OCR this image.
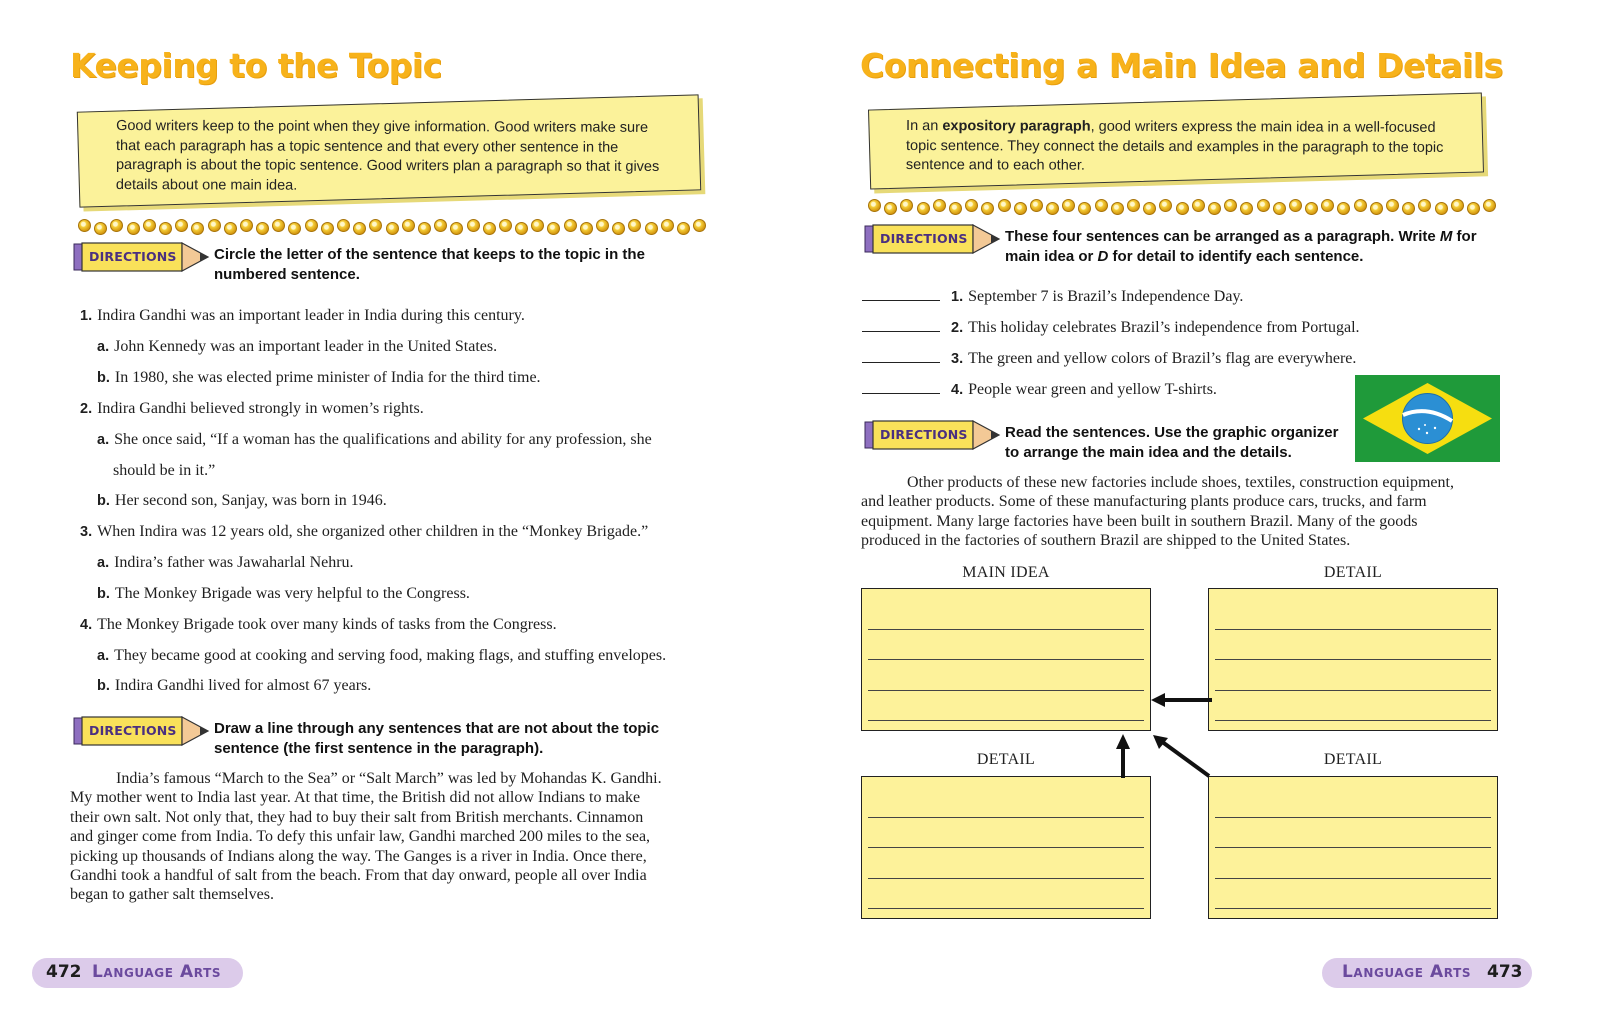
Keeping to the Topic
Good writers keep to the point when they give information. Good writers make sure that each paragraph has a topic sentence and that every other sentence in the paragraph is about the topic sentence. Good writers plan a paragraph so that it gives details about one main idea.
DIRECTIONS Circle the letter of the sentence that keeps to the topic in the numbered sentence.
1. Indira Gandhi was an important leader in India during this century.
a. John Kennedy was an important leader in the United States.
b. In 1980, she was elected prime minister of India for the third time.
2. Indira Gandhi believed strongly in women’s rights.
a. She once said, “If a woman has the qualifications and ability for any profession, she
should be in it.”
b. Her second son, Sanjay, was born in 1946.
3. When Indira was 12 years old, she organized other children in the “Monkey Brigade.”
a. Indira’s father was Jawaharlal Nehru.
b. The Monkey Brigade was very helpful to the Congress.
4. The Monkey Brigade took over many kinds of tasks from the Congress.
a. They became good at cooking and serving food, making flags, and stuffing envelopes.
b. Indira Gandhi lived for almost 67 years.
DIRECTIONS Draw a line through any sentences that are not about the topic sentence (the first sentence in the paragraph).
India’s famous “March to the Sea” or “Salt March” was led by Mohandas K. Gandhi.
My mother went to India last year. At that time, the British did not allow Indians to make
their own salt. Not only that, they had to buy their salt from British merchants. Cinnamon
and ginger come from India. To defy this unfair law, Gandhi marched 200 miles to the sea,
picking up thousands of Indians along the way. The Ganges is a river in India. Once there,
Gandhi took a handful of salt from the beach. From that day onward, people all over India
began to gather salt themselves.
472 Language Arts
Connecting a Main Idea and Details
In an expository paragraph, good writers express the main idea in a well-focused topic sentence. They connect the details and examples in the paragraph to the topic sentence and to each other.
DIRECTIONS These four sentences can be arranged as a paragraph. Write M for main idea or D for detail to identify each sentence.
1. September 7 is Brazil’s Independence Day.
2. This holiday celebrates Brazil’s independence from Portugal.
3. The green and yellow colors of Brazil’s flag are everywhere.
4. People wear green and yellow T-shirts.
DIRECTIONS Read the sentences. Use the graphic organizer to arrange the main idea and the details.
Other products of these new factories include shoes, textiles, construction equipment,
and leather products. Some of these manufacturing plants produce cars, trucks, and farm
equipment. Many large factories have been built in southern Brazil. Many of the goods
produced in the factories of southern Brazil are shipped to the United States.
MAIN IDEA	DETAIL
DETAIL	DETAIL
Language Arts 473
